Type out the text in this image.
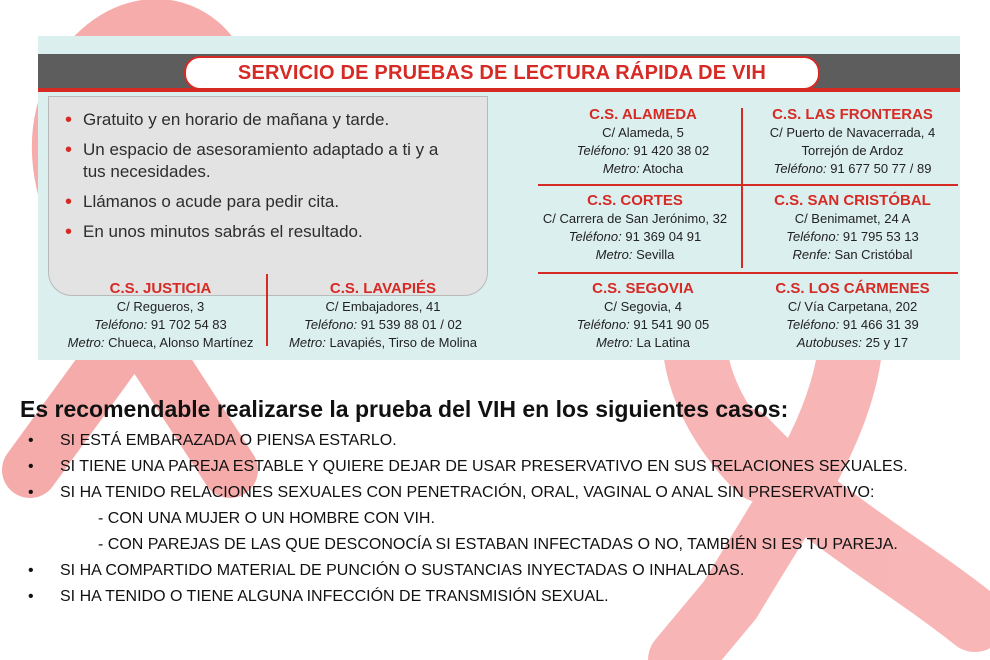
SERVICIO DE PRUEBAS DE LECTURA RÁPIDA DE VIH
• Gratuito y en horario de mañana y tarde.
• Un espacio de asesoramiento adaptado a ti y a tus necesidades.
• Llámanos o acude para pedir cita.
• En unos minutos sabrás el resultado.
C.S. ALAMEDA
C/ Alameda, 5
Teléfono: 91 420 38 02
Metro: Atocha
C.S. LAS FRONTERAS
C/ Puerto de Navacerrada, 4
Torrejón de Ardoz
Teléfono: 91 677 50 77 / 89
C.S. CORTES
C/ Carrera de San Jerónimo, 32
Teléfono: 91 369 04 91
Metro: Sevilla
C.S. SAN CRISTÓBAL
C/ Benimamet, 24 A
Teléfono: 91 795 53 13
Renfe: San Cristóbal
C.S. JUSTICIA
C/ Regueros, 3
Teléfono: 91 702 54 83
Metro: Chueca, Alonso Martínez
C.S. LAVAPIÉS
C/ Embajadores, 41
Teléfono: 91 539 88 01 / 02
Metro: Lavapiés, Tirso de Molina
C.S. SEGOVIA
C/ Segovia, 4
Teléfono: 91 541 90 05
Metro: La Latina
C.S. LOS CÁRMENES
C/ Vía Carpetana, 202
Teléfono: 91 466 31 39
Autobuses: 25 y 17
Es recomendable realizarse la prueba del VIH en los siguientes casos:
• SI ESTÁ EMBARAZADA O PIENSA ESTARLO.
• SI TIENE UNA PAREJA ESTABLE Y QUIERE DEJAR DE USAR PRESERVATIVO EN SUS RELACIONES SEXUALES.
• SI HA TENIDO RELACIONES SEXUALES CON PENETRACIÓN, ORAL, VAGINAL O ANAL SIN PRESERVATIVO:
- CON UNA MUJER O UN HOMBRE CON VIH.
- CON PAREJAS DE LAS QUE DESCONOCÍA SI ESTABAN INFECTADAS O NO, TAMBIÉN SI ES TU PAREJA.
• SI HA COMPARTIDO MATERIAL DE PUNCIÓN O SUSTANCIAS INYECTADAS O INHALADAS.
• SI HA TENIDO O TIENE ALGUNA INFECCIÓN DE TRANSMISIÓN SEXUAL.
